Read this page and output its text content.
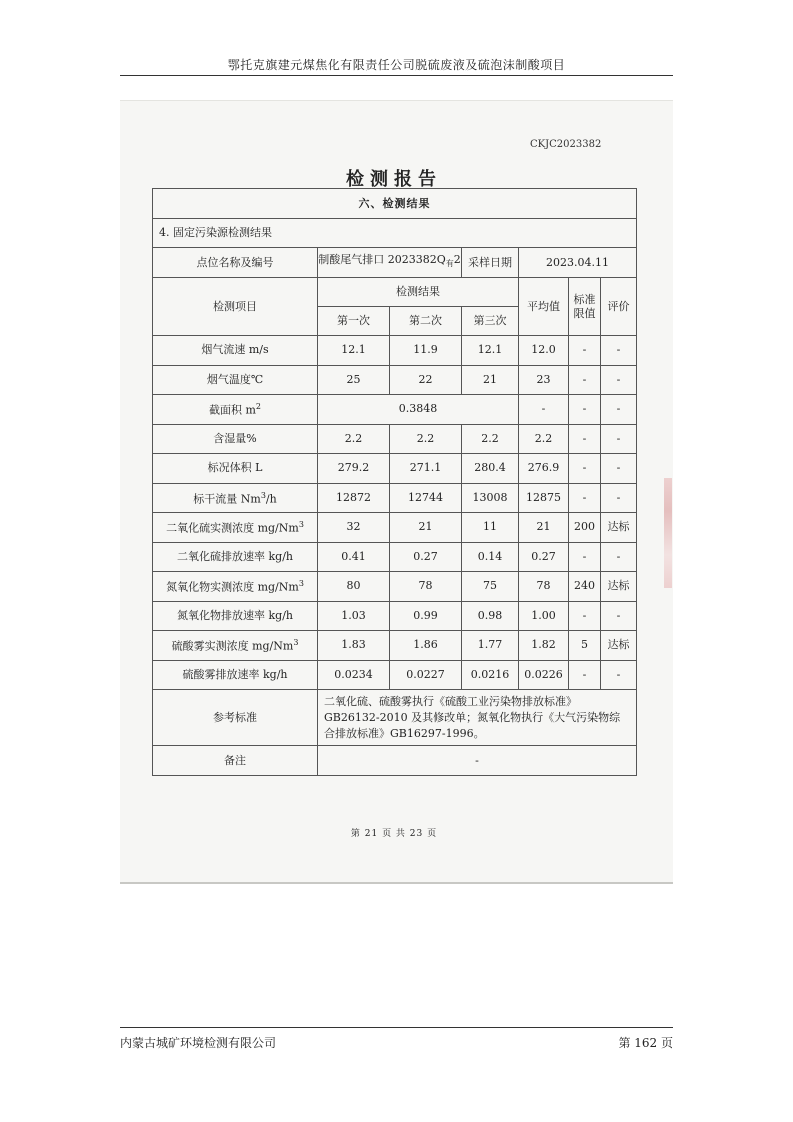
鄂托克旗建元煤焦化有限责任公司脱硫废液及硫泡沫制酸项目
CKJC2023382
检测报告
六、检测结果						
4. 固定污染源检测结果						
点位名称及编号	制酸尾气排口 $2023382Q_有2$		采样日期	2023.04.11		
检测项目	检测结果			平均值	标准限值	评价
	第一次	第二次	第三次			
烟气流速 m/s	12.1	11.9	12.1	12.0	-	-
烟气温度℃	25	22	21	23	-	-
截面积 $m^2$	0.3848			-	-	-
含湿量%	2.2	2.2	2.2	2.2	-	-
标况体积 L	279.2	271.1	280.4	276.9	-	-
标干流量 Nm$^3$/h	12872	12744	13008	12875	-	-
二氧化硫实测浓度 mg/Nm$^3$	32	21	11	21	200	达标
二氧化硫排放速率 kg/h	0.41	0.27	0.14	0.27	-	-
氮氧化物实测浓度 mg/Nm$^3$	80	78	75	78	240	达标
氮氧化物排放速率 kg/h	1.03	0.99	0.98	1.00	-	-
硫酸雾实测浓度 mg/Nm$^3$	1.83	1.86	1.77	1.82	5	达标
硫酸雾排放速率 kg/h	0.0234	0.0227	0.0216	0.0226	-	-
参考标准	二氧化硫、硫酸雾执行《硫酸工业污染物排放标准》GB26132-2010 及其修改单；氮氧化物执行《大气污染物综合排放标准》GB16297-1996。					
备注	-					
第 21 页 共 23 页
内蒙古城矿环境检测有限公司	第 162 页
